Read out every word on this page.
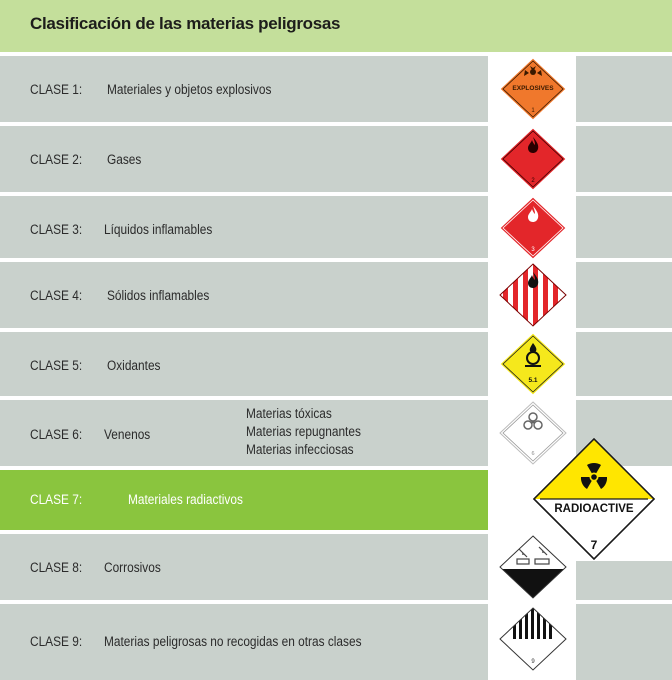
Clasificación de las materias peligrosas
CLASE 1: Materiales y objetos explosivos	EXPLOSIVES
1
CLASE 2: Gases
2
CLASE 3: Líquidos inflamables
3
CLASE 4: Sólidos inflamables
CLASE 5: Oxidantes
5.1
CLASE 6: Venenos
Materias tóxicas
Materias repugnantes
Materias infecciosas	6
CLASE 7:	Materiales radiactivos
CLASE 8: Corrosivos
CLASE 9: Materias peligrosas no recogidas en otras clases
9
RADIOACTIVE
7
